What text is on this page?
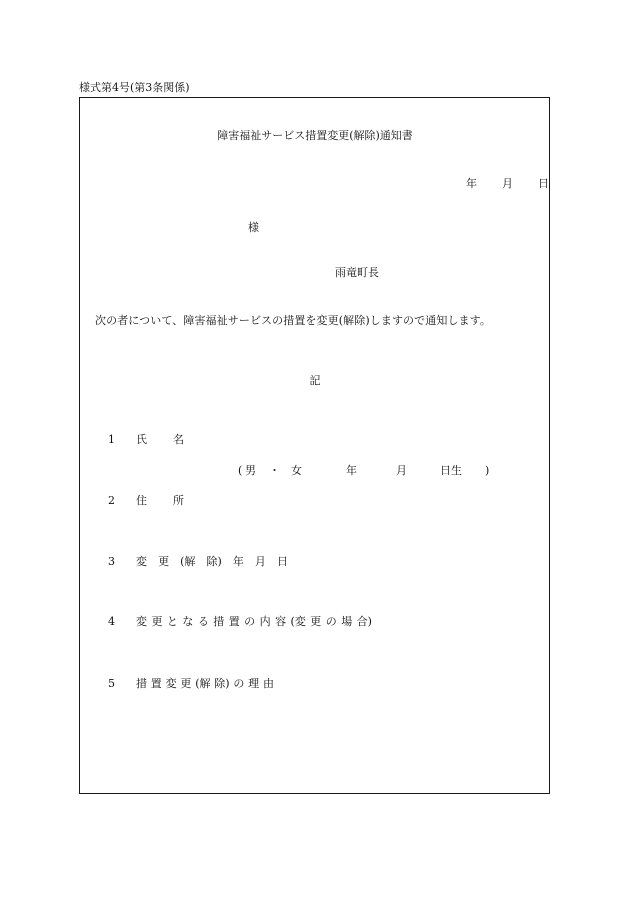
様式第4号(第3条関係)
障害福祉サービス措置変更(解除)通知書
年 月 日
様
雨竜町長
次の者について、障害福祉サービスの措置を変更(解除)しますので通知します。
記
1 氏 名
( 男 ・ 女	年	月	日生 )
2 住 所
3 変 更 (解 除) 年 月 日
4 変 更 と な る 措 置 の 内 容 (変 更 の 場 合)
5 措 置 変 更 (解 除) の 理 由
